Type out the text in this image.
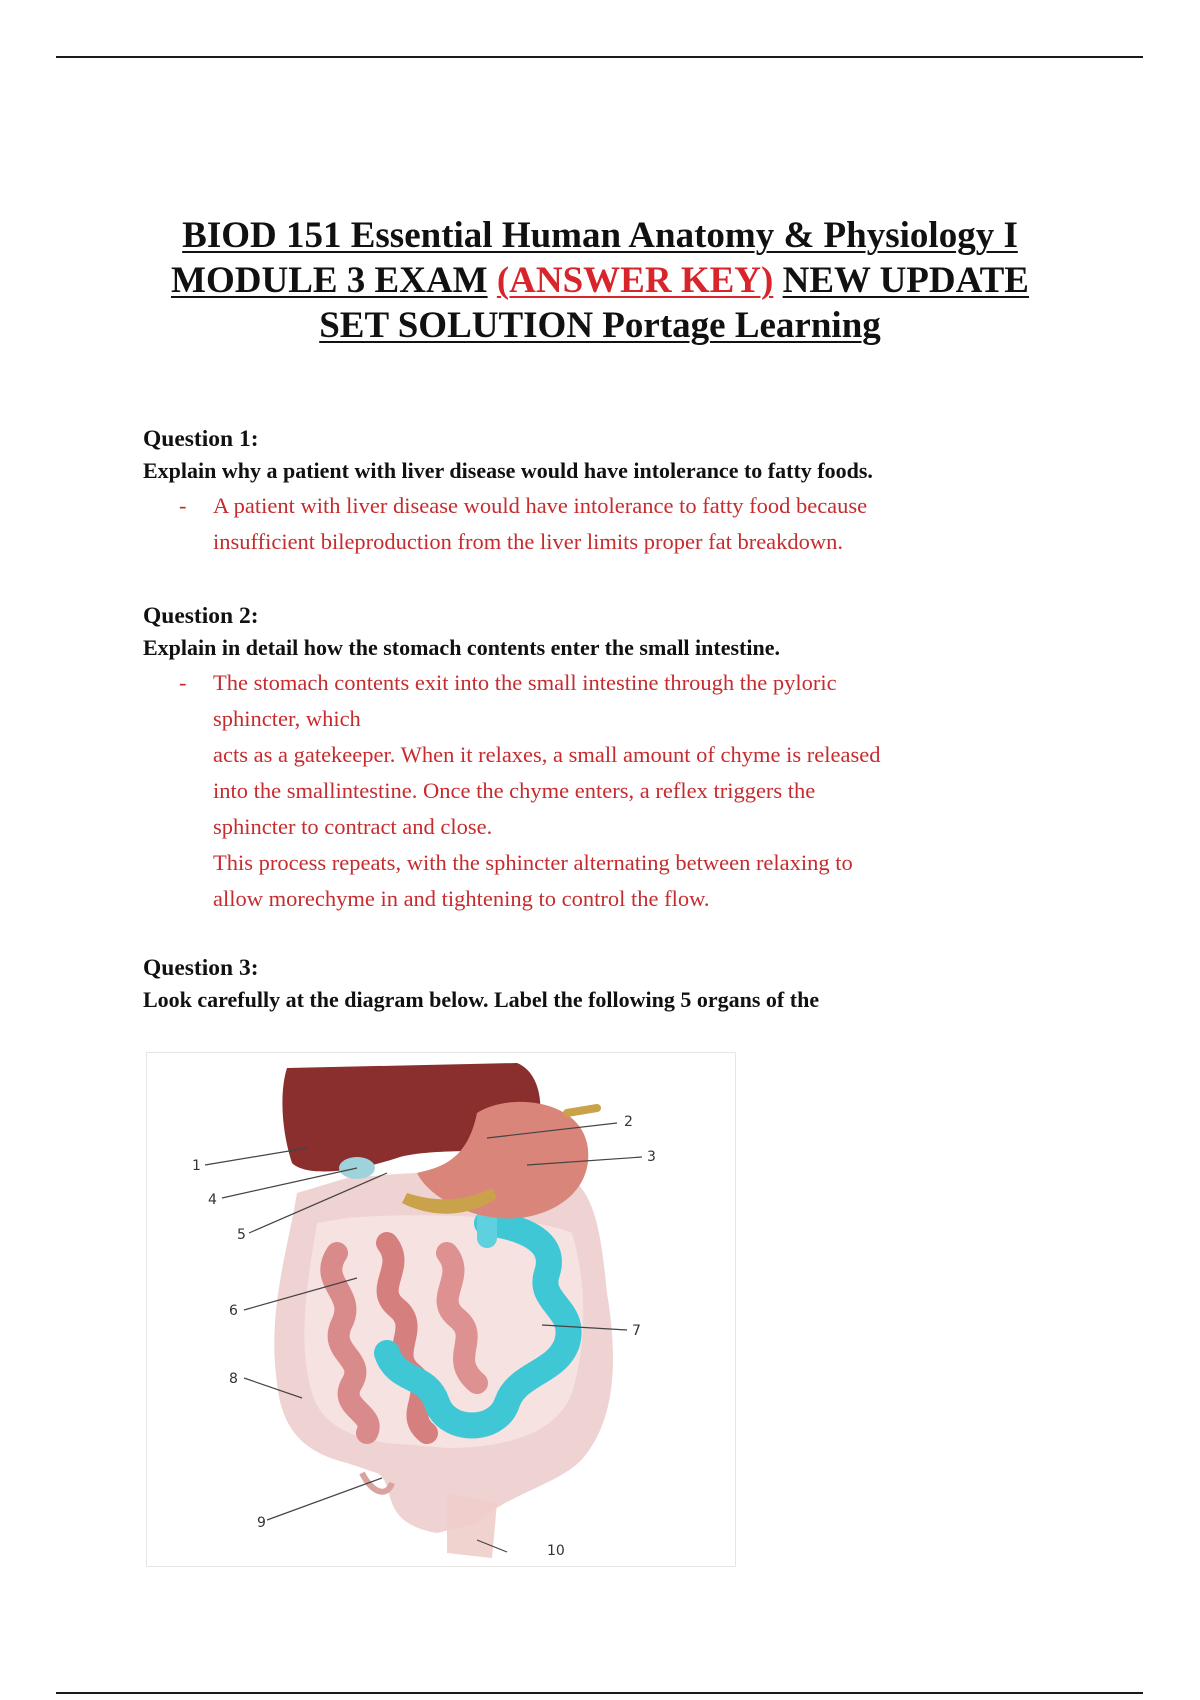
BIOD 151 Essential Human Anatomy & Physiology I
MODULE 3 EXAM (ANSWER KEY) NEW UPDATE
SET SOLUTION Portage Learning

Question 1:

Explain why a patient with liver disease would have intolerance to fatty foods.

- A patient with liver disease would have intolerance to fatty food because

insufficient bileproduction from the liver limits proper fat breakdown.

Question 2:

Explain in detail how the stomach contents enter the small intestine.

- The stomach contents exit into the small intestine through the pyloric

sphincter, which

acts as a gatekeeper. When it relaxes, a small amount of chyme is released

into the smallintestine. Once the chyme enters, a reflex triggers the

sphincter to contract and close.

This process repeats, with the sphincter alternating between relaxing to

allow morechyme in and tightening to control the flow.

Question 3:

Look carefully at the diagram below. Label the following 5 organs of the

1
2
3
4
5
6
7
8
9
10
